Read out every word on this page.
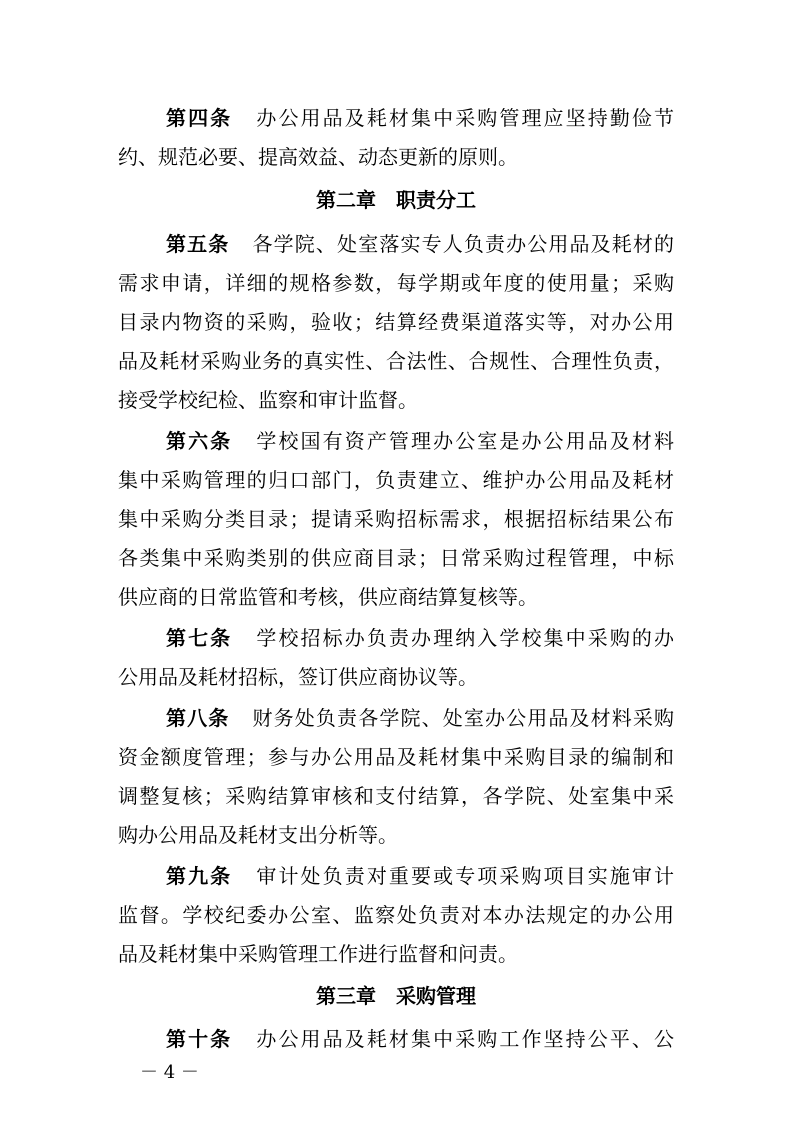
第四条 办公用品及耗材集中采购管理应坚持勤俭节
约、规范必要、提高效益、动态更新的原则。
第二章 职责分工
第五条 各学院、处室落实专人负责办公用品及耗材的
需求申请，详细的规格参数，每学期或年度的使用量；采购
目录内物资的采购，验收；结算经费渠道落实等，对办公用
品及耗材采购业务的真实性、合法性、合规性、合理性负责，
接受学校纪检、监察和审计监督。
第六条 学校国有资产管理办公室是办公用品及材料
集中采购管理的归口部门，负责建立、维护办公用品及耗材
集中采购分类目录；提请采购招标需求，根据招标结果公布
各类集中采购类别的供应商目录；日常采购过程管理，中标
供应商的日常监管和考核，供应商结算复核等。
第七条 学校招标办负责办理纳入学校集中采购的办
公用品及耗材招标，签订供应商协议等。
第八条 财务处负责各学院、处室办公用品及材料采购
资金额度管理；参与办公用品及耗材集中采购目录的编制和
调整复核；采购结算审核和支付结算，各学院、处室集中采
购办公用品及耗材支出分析等。
第九条 审计处负责对重要或专项采购项目实施审计
监督。学校纪委办公室、监察处负责对本办法规定的办公用
品及耗材集中采购管理工作进行监督和问责。
第三章 采购管理
第十条 办公用品及耗材集中采购工作坚持公平、公
－ 4 －
